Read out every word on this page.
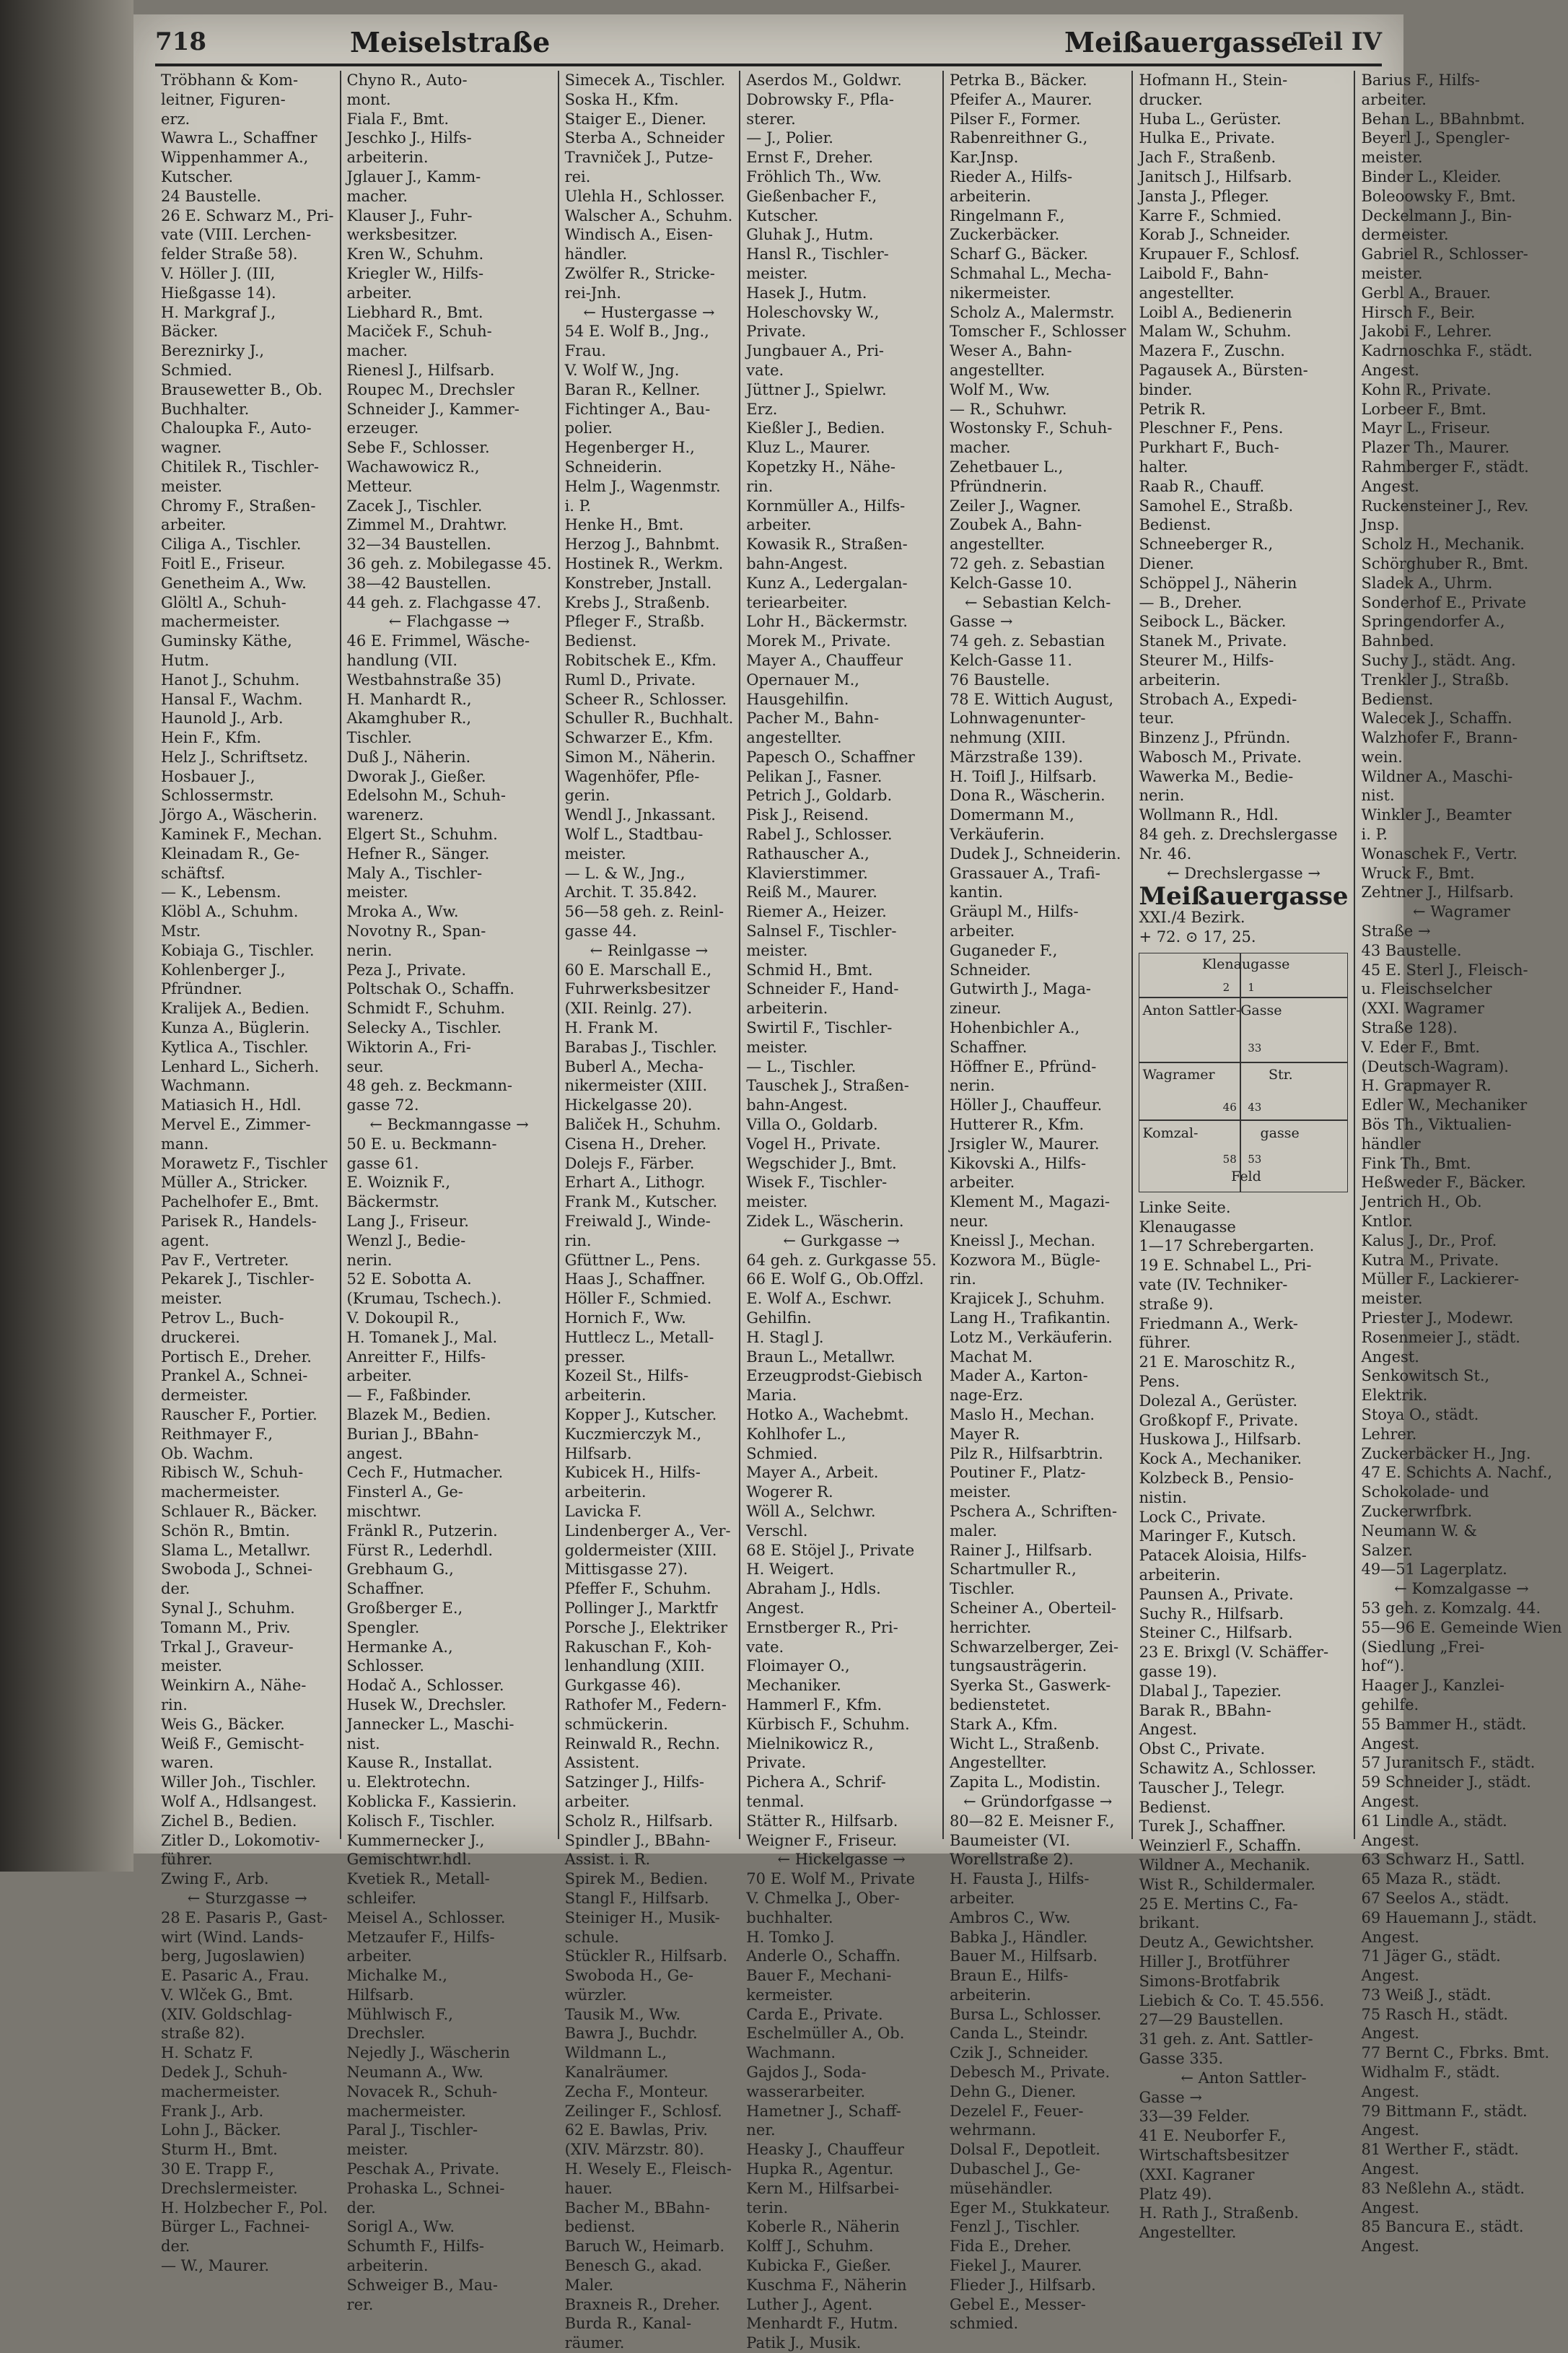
718	Meiselstraße	Meißauergasse
Teil IV
Tröbhann & Kom-
leitner, Figuren-
erz.
Wawra L., Schaffner
Wippenhammer A.,
Kutscher.
24 Baustelle.
26 E. Schwarz M., Pri-
vate (VIII. Lerchen-
felder Straße 58).
V. Höller J. (III,
Hießgasse 14).
H. Markgraf J.,
Bäcker.
Bereznirky J.,
Schmied.
Brausewetter B., Ob.
Buchhalter.
Chaloupka F., Auto-
wagner.
Chitilek R., Tischler-
meister.
Chromy F., Straßen-
arbeiter.
Ciliga A., Tischler.
Foitl E., Friseur.
Genetheim A., Ww.
Glöltl A., Schuh-
machermeister.
Guminsky Käthe,
Hutm.
Hanot J., Schuhm.
Hansal F., Wachm.
Haunold J., Arb.
Hein F., Kfm.
Helz J., Schriftsetz.
Hosbauer J.,
Schlossermstr.
Jörgo A., Wäscherin.
Kaminek F., Mechan.
Kleinadam R., Ge-
schäftsf.
— K., Lebensm.
Klöbl A., Schuhm.
Mstr.
Kobiaja G., Tischler.
Kohlenberger J.,
Pfründner.
Kralijek A., Bedien.
Kunza A., Büglerin.
Kytlica A., Tischler.
Lenhard L., Sicherh.
Wachmann.
Matiasich H., Hdl.
Mervel E., Zimmer-
mann.
Morawetz F., Tischler
Müller A., Stricker.
Pachelhofer E., Bmt.
Parisek R., Handels-
agent.
Pav F., Vertreter.
Pekarek J., Tischler-
meister.
Petrov L., Buch-
druckerei.
Portisch E., Dreher.
Prankel A., Schnei-
dermeister.
Rauscher F., Portier.
Reithmayer F.,
Ob. Wachm.
Ribisch W., Schuh-
machermeister.
Schlauer R., Bäcker.
Schön R., Bmtin.
Slama L., Metallwr.
Swoboda J., Schnei-
der.
Synal J., Schuhm.
Tomann M., Priv.
Trkal J., Graveur-
meister.
Weinkirn A., Nähe-
rin.
Weis G., Bäcker.
Weiß F., Gemischt-
waren.
Willer Joh., Tischler.
Wolf A., Hdlsangest.
Zichel B., Bedien.
Zitler D., Lokomotiv-
führer.
Zwing F., Arb.
← Sturzgasse →
28 E. Pasaris P., Gast-
wirt (Wind. Lands-
berg, Jugoslawien)
E. Pasaric A., Frau.
V. Wlček G., Bmt.
(XIV. Goldschlag-
straße 82).
H. Schatz F.
Dedek J., Schuh-
machermeister.
Frank J., Arb.
Lohn J., Bäcker.
Sturm H., Bmt.
30 E. Trapp F.,
Drechslermeister.
H. Holzbecher F., Pol.
Bürger L., Fachnei-
der.
— W., Maurer.
Chyno R., Auto-
mont.
Fiala F., Bmt.
Jeschko J., Hilfs-
arbeiterin.
Jglauer J., Kamm-
macher.
Klauser J., Fuhr-
werksbesitzer.
Kren W., Schuhm.
Kriegler W., Hilfs-
arbeiter.
Liebhard R., Bmt.
Maciček F., Schuh-
macher.
Rienesl J., Hilfsarb.
Roupec M., Drechsler
Schneider J., Kammer-
erzeuger.
Sebe F., Schlosser.
Wachawowicz R.,
Metteur.
Zacek J., Tischler.
Zimmel M., Drahtwr.
32—34 Baustellen.
36 geh. z. Mobilegasse 45.
38—42 Baustellen.
44 geh. z. Flachgasse 47.
← Flachgasse →
46 E. Frimmel, Wäsche-
handlung (VII.
Westbahnstraße 35)
H. Manhardt R.,
Akamghuber R.,
Tischler.
Duß J., Näherin.
Dworak J., Gießer.
Edelsohn M., Schuh-
warenerz.
Elgert St., Schuhm.
Hefner R., Sänger.
Maly A., Tischler-
meister.
Mroka A., Ww.
Novotny R., Span-
nerin.
Peza J., Private.
Poltschak O., Schaffn.
Schmidt F., Schuhm.
Selecky A., Tischler.
Wiktorin A., Fri-
seur.
48 geh. z. Beckmann-
gasse 72.
← Beckmanngasse →
50 E. u. Beckmann-
gasse 61.
E. Woiznik F.,
Bäckermstr.
Lang J., Friseur.
Wenzl J., Bedie-
nerin.
52 E. Sobotta A.
(Krumau, Tschech.).
V. Dokoupil R.,
H. Tomanek J., Mal.
Anreitter F., Hilfs-
arbeiter.
— F., Faßbinder.
Blazek M., Bedien.
Burian J., BBahn-
angest.
Cech F., Hutmacher.
Finsterl A., Ge-
mischtwr.
Fränkl R., Putzerin.
Fürst R., Lederhdl.
Grebhaum G.,
Schaffner.
Großberger E.,
Spengler.
Hermanke A.,
Schlosser.
Hodač A., Schlosser.
Husek W., Drechsler.
Jannecker L., Maschi-
nist.
Kause R., Installat.
u. Elektrotechn.
Koblicka F., Kassierin.
Kolisch F., Tischler.
Kummernecker J.,
Gemischtwr.hdl.
Kvetiek R., Metall-
schleifer.
Meisel A., Schlosser.
Metzaufer F., Hilfs-
arbeiter.
Michalke M.,
Hilfsarb.
Mühlwisch F.,
Drechsler.
Nejedly J., Wäscherin
Neumann A., Ww.
Novacek R., Schuh-
machermeister.
Paral J., Tischler-
meister.
Peschak A., Private.
Prohaska L., Schnei-
der.
Sorigl A., Ww.
Schumth F., Hilfs-
arbeiterin.
Schweiger B., Mau-
rer.
Simecek A., Tischler.
Soska H., Kfm.
Staiger E., Diener.
Sterba A., Schneider
Travniček J., Putze-
rei.
Ulehla H., Schlosser.
Walscher A., Schuhm.
Windisch A., Eisen-
händler.
Zwölfer R., Stricke-
rei-Jnh.
← Hustergasse →
54 E. Wolf B., Jng.,
Frau.
V. Wolf W., Jng.
Baran R., Kellner.
Fichtinger A., Bau-
polier.
Hegenberger H.,
Schneiderin.
Helm J., Wagenmstr.
i. P.
Henke H., Bmt.
Herzog J., Bahnbmt.
Hostinek R., Werkm.
Konstreber, Jnstall.
Krebs J., Straßenb.
Pfleger F., Straßb.
Bedienst.
Robitschek E., Kfm.
Ruml D., Private.
Scheer R., Schlosser.
Schuller R., Buchhalt.
Schwarzer E., Kfm.
Simon M., Näherin.
Wagenhöfer, Pfle-
gerin.
Wendl J., Jnkassant.
Wolf L., Stadtbau-
meister.
— L. & W., Jng.,
Archit. T. 35.842.
56—58 geh. z. Reinl-
gasse 44.
← Reinlgasse →
60 E. Marschall E.,
Fuhrwerksbesitzer
(XII. Reinlg. 27).
H. Frank M.
Barabas J., Tischler.
Buberl A., Mecha-
nikermeister (XIII.
Hickelgasse 20).
Baliček H., Schuhm.
Cisena H., Dreher.
Dolejs F., Färber.
Erhart A., Lithogr.
Frank M., Kutscher.
Freiwald J., Winde-
rin.
Gfüttner L., Pens.
Haas J., Schaffner.
Höller F., Schmied.
Hornich F., Ww.
Huttlecz L., Metall-
presser.
Kozeil St., Hilfs-
arbeiterin.
Kopper J., Kutscher.
Kuczmierczyk M.,
Hilfsarb.
Kubicek H., Hilfs-
arbeiterin.
Lavicka F.
Lindenberger A., Ver-
goldermeister (XIII.
Mittisgasse 27).
Pfeffer F., Schuhm.
Pollinger J., Marktfr
Porsche J., Elektriker
Rakuschan F., Koh-
lenhandlung (XIII.
Gurkgasse 46).
Rathofer M., Federn-
schmückerin.
Reinwald R., Rechn.
Assistent.
Satzinger J., Hilfs-
arbeiter.
Scholz R., Hilfsarb.
Spindler J., BBahn-
Assist. i. R.
Spirek M., Bedien.
Stangl F., Hilfsarb.
Steiniger H., Musik-
schule.
Stückler R., Hilfsarb.
Swoboda H., Ge-
würzler.
Tausik M., Ww.
Bawra J., Buchdr.
Wildmann L.,
Kanalräumer.
Zecha F., Monteur.
Zeilinger F., Schlosf.
62 E. Bawlas, Priv.
(XIV. Märzstr. 80).
H. Wesely E., Fleisch-
hauer.
Bacher M., BBahn-
bedienst.
Baruch W., Heimarb.
Benesch G., akad.
Maler.
Braxneis R., Dreher.
Burda R., Kanal-
räumer.
Aserdos M., Goldwr.
Dobrowsky F., Pfla-
sterer.
— J., Polier.
Ernst F., Dreher.
Fröhlich Th., Ww.
Gießenbacher F.,
Kutscher.
Gluhak J., Hutm.
Hansl R., Tischler-
meister.
Hasek J., Hutm.
Holeschovsky W.,
Private.
Jungbauer A., Pri-
vate.
Jüttner J., Spielwr.
Erz.
Kießler J., Bedien.
Kluz L., Maurer.
Kopetzky H., Nähe-
rin.
Kornmüller A., Hilfs-
arbeiter.
Kowasik R., Straßen-
bahn-Angest.
Kunz A., Ledergalan-
teriearbeiter.
Lohr H., Bäckermstr.
Morek M., Private.
Mayer A., Chauffeur
Opernauer M.,
Hausgehilfin.
Pacher M., Bahn-
angestellter.
Papesch O., Schaffner
Pelikan J., Fasner.
Petrich J., Goldarb.
Pisk J., Reisend.
Rabel J., Schlosser.
Rathauscher A.,
Klavierstimmer.
Reiß M., Maurer.
Riemer A., Heizer.
Salnsel F., Tischler-
meister.
Schmid H., Bmt.
Schneider F., Hand-
arbeiterin.
Swirtil F., Tischler-
meister.
— L., Tischler.
Tauschek J., Straßen-
bahn-Angest.
Villa O., Goldarb.
Vogel H., Private.
Wegschider J., Bmt.
Wisek F., Tischler-
meister.
Zidek L., Wäscherin.
← Gurkgasse →
64 geh. z. Gurkgasse 55.
66 E. Wolf G., Ob.Offzl.
E. Wolf A., Eschwr.
Gehilfin.
H. Stagl J.
Braun L., Metallwr.
Erzeugprodst-Giebisch
Maria.
Hotko A., Wachebmt.
Kohlhofer L.,
Schmied.
Mayer A., Arbeit.
Wogerer R.
Wöll A., Selchwr.
Verschl.
68 E. Stöjel J., Private
H. Weigert.
Abraham J., Hdls.
Angest.
Ernstberger R., Pri-
vate.
Floimayer O.,
Mechaniker.
Hammerl F., Kfm.
Kürbisch F., Schuhm.
Mielnikowicz R.,
Private.
Pichera A., Schrif-
tenmal.
Stätter R., Hilfsarb.
Weigner F., Friseur.
← Hickelgasse →
70 E. Wolf M., Private
V. Chmelka J., Ober-
buchhalter.
H. Tomko J.
Anderle O., Schaffn.
Bauer F., Mechani-
kermeister.
Carda E., Private.
Eschelmüller A., Ob.
Wachmann.
Gajdos J., Soda-
wasserarbeiter.
Hametner J., Schaff-
ner.
Heasky J., Chauffeur
Hupka R., Agentur.
Kern M., Hilfsarbei-
terin.
Koberle R., Näherin
Kolff J., Schuhm.
Kubicka F., Gießer.
Kuschma F., Näherin
Luther J., Agent.
Menhardt F., Hutm.
Patik J., Musik.
Petrka B., Bäcker.
Pfeifer A., Maurer.
Pilser F., Former.
Rabenreithner G.,
Kar.Jnsp.
Rieder A., Hilfs-
arbeiterin.
Ringelmann F.,
Zuckerbäcker.
Scharf G., Bäcker.
Schmahal L., Mecha-
nikermeister.
Scholz A., Malermstr.
Tomscher F., Schlosser
Weser A., Bahn-
angestellter.
Wolf M., Ww.
— R., Schuhwr.
Wostonsky F., Schuh-
macher.
Zehetbauer L.,
Pfründnerin.
Zeiler J., Wagner.
Zoubek A., Bahn-
angestellter.
72 geh. z. Sebastian
Kelch-Gasse 10.
← Sebastian Kelch-
Gasse →
74 geh. z. Sebastian
Kelch-Gasse 11.
76 Baustelle.
78 E. Wittich August,
Lohnwagenunter-
nehmung (XIII.
Märzstraße 139).
H. Toifl J., Hilfsarb.
Dona R., Wäscherin.
Domermann M.,
Verkäuferin.
Dudek J., Schneiderin.
Grassauer A., Trafi-
kantin.
Gräupl M., Hilfs-
arbeiter.
Guganeder F.,
Schneider.
Gutwirth J., Maga-
zineur.
Hohenbichler A.,
Schaffner.
Höffner E., Pfründ-
nerin.
Höller J., Chauffeur.
Hutterer R., Kfm.
Jrsigler W., Maurer.
Kikovski A., Hilfs-
arbeiter.
Klement M., Magazi-
neur.
Kneissl J., Mechan.
Kozwora M., Bügle-
rin.
Krajicek J., Schuhm.
Lang H., Trafikantin.
Lotz M., Verkäuferin.
Machat M.
Mader A., Karton-
nage-Erz.
Maslo H., Mechan.
Mayer R.
Pilz R., Hilfsarbtrin.
Poutiner F., Platz-
meister.
Pschera A., Schriften-
maler.
Rainer J., Hilfsarb.
Schartmuller R.,
Tischler.
Scheiner A., Oberteil-
herrichter.
Schwarzelberger, Zei-
tungsausträgerin.
Syerka St., Gaswerk-
bedienstetet.
Stark A., Kfm.
Wicht L., Straßenb.
Angestellter.
Zapita L., Modistin.
← Gründorfgasse →
80—82 E. Meisner F.,
Baumeister (VI.
Worellstraße 2).
H. Fausta J., Hilfs-
arbeiter.
Ambros C., Ww.
Babka J., Händler.
Bauer M., Hilfsarb.
Braun E., Hilfs-
arbeiterin.
Bursa L., Schlosser.
Canda L., Steindr.
Czik J., Schneider.
Debesch M., Private.
Dehn G., Diener.
Dezelel F., Feuer-
wehrmann.
Dolsal F., Depotleit.
Dubaschel J., Ge-
müsehändler.
Eger M., Stukkateur.
Fenzl J., Tischler.
Fida E., Dreher.
Fiekel J., Maurer.
Flieder J., Hilfsarb.
Gebel E., Messer-
schmied.
Hofmann H., Stein-
drucker.
Huba L., Gerüster.
Hulka E., Private.
Jach F., Straßenb.
Janitsch J., Hilfsarb.
Jansta J., Pfleger.
Karre F., Schmied.
Korab J., Schneider.
Krupauer F., Schlosf.
Laibold F., Bahn-
angestellter.
Loibl A., Bedienerin
Malam W., Schuhm.
Mazera F., Zuschn.
Pagausek A., Bürsten-
binder.
Petrik R.
Pleschner F., Pens.
Purkhart F., Buch-
halter.
Raab R., Chauff.
Samohel E., Straßb.
Bedienst.
Schneeberger R.,
Diener.
Schöppel J., Näherin
— B., Dreher.
Seibock L., Bäcker.
Stanek M., Private.
Steurer M., Hilfs-
arbeiterin.
Strobach A., Expedi-
teur.
Binzenz J., Pfründn.
Wabosch M., Private.
Wawerka M., Bedie-
nerin.
Wollmann R., Hdl.
84 geh. z. Drechslergasse
Nr. 46.
← Drechslergasse →
Meißauergasse
XXI./4 Bezirk.
+ 72. ⊙ 17, 25.
Klenaugasse
Anton Sattler-Gasse
Wagramer	Str.
Komzal-	gasse
Feld
2 1
33
46 43
58 53
Linke Seite.
Klenaugasse
1—17 Schrebergarten.
19 E. Schnabel L., Pri-
vate (IV. Techniker-
straße 9).
Friedmann A., Werk-
führer.
21 E. Maroschitz R.,
Pens.
Dolezal A., Gerüster.
Großkopf F., Private.
Huskowa J., Hilfsarb.
Kock A., Mechaniker.
Kolzbeck B., Pensio-
nistin.
Lock C., Private.
Maringer F., Kutsch.
Patacek Aloisia, Hilfs-
arbeiterin.
Paunsen A., Private.
Suchy R., Hilfsarb.
Steiner C., Hilfsarb.
23 E. Brixgl (V. Schäffer-
gasse 19).
Dlabal J., Tapezier.
Barak R., BBahn-
Angest.
Obst C., Private.
Schawitz A., Schlosser.
Tauscher J., Telegr.
Bedienst.
Turek J., Schaffner.
Weinzierl F., Schaffn.
Wildner A., Mechanik.
Wist R., Schildermaler.
25 E. Mertins C., Fa-
brikant.
Deutz A., Gewichtsher.
Hiller J., Brotführer
Simons-Brotfabrik
Liebich & Co. T. 45.556.
27—29 Baustellen.
31 geh. z. Ant. Sattler-
Gasse 335.
← Anton Sattler-
Gasse →
33—39 Felder.
41 E. Neuborfer F.,
Wirtschaftsbesitzer
(XXI. Kagraner
Platz 49).
H. Rath J., Straßenb.
Angestellter.
Barius F., Hilfs-
arbeiter.
Behan L., BBahnbmt.
Beyerl J., Spengler-
meister.
Binder L., Kleider.
Boleoowsky F., Bmt.
Deckelmann J., Bin-
dermeister.
Gabriel R., Schlosser-
meister.
Gerbl A., Brauer.
Hirsch F., Beir.
Jakobi F., Lehrer.
Kadrnoschka F., städt.
Angest.
Kohn R., Private.
Lorbeer F., Bmt.
Mayr L., Friseur.
Plazer Th., Maurer.
Rahmberger F., städt.
Angest.
Ruckensteiner J., Rev.
Jnsp.
Scholz H., Mechanik.
Schörghuber R., Bmt.
Sladek A., Uhrm.
Sonderhof E., Private
Springendorfer A.,
Bahnbed.
Suchy J., städt. Ang.
Trenkler J., Straßb.
Bedienst.
Walecek J., Schaffn.
Walzhofer F., Brann-
wein.
Wildner A., Maschi-
nist.
Winkler J., Beamter
i. P.
Wonaschek F., Vertr.
Wruck F., Bmt.
Zehtner J., Hilfsarb.
← Wagramer
Straße →
43 Baustelle.
45 E. Sterl J., Fleisch-
u. Fleischselcher
(XXI. Wagramer
Straße 128).
V. Eder F., Bmt.
(Deutsch-Wagram).
H. Grapmayer R.
Edler W., Mechaniker
Bös Th., Viktualien-
händler
Fink Th., Bmt.
Heßweder F., Bäcker.
Jentrich H., Ob.
Kntlor.
Kalus J., Dr., Prof.
Kutra M., Private.
Müller F., Lackierer-
meister.
Priester J., Modewr.
Rosenmeier J., städt.
Angest.
Senkowitsch St.,
Elektrik.
Stoya O., städt.
Lehrer.
Zuckerbäcker H., Jng.
47 E. Schichts A. Nachf.,
Schokolade- und
Zuckerwrfbrk.
Neumann W. &
Salzer.
49—51 Lagerplatz.
← Komzalgasse →
53 geh. z. Komzalg. 44.
55—96 E. Gemeinde Wien
(Siedlung „Frei-
hof“).
Haager J., Kanzlei-
gehilfe.
55 Bammer H., städt.
Angest.
57 Juranitsch F., städt.
59 Schneider J., städt.
Angest.
61 Lindle A., städt.
Angest.
63 Schwarz H., Sattl.
65 Maza R., städt.
67 Seelos A., städt.
69 Hauemann J., städt.
Angest.
71 Jäger G., städt.
Angest.
73 Weiß J., städt.
75 Rasch H., städt.
Angest.
77 Bernt C., Fbrks. Bmt.
Widhalm F., städt.
Angest.
79 Bittmann F., städt.
Angest.
81 Werther F., städt.
Angest.
83 Neßlehn A., städt.
Angest.
85 Bancura E., städt.
Angest.
